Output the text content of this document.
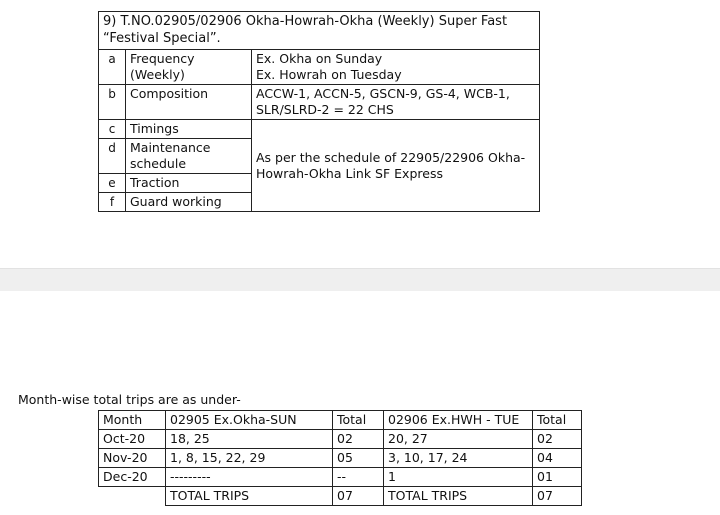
9) T.NO.02905/02906 Okha-Howrah-Okha (Weekly) Super Fast “Festival Special”.		
a	Frequency (Weekly)	Ex. Okha on Sunday
Ex. Howrah on Tuesday

b	Composition	ACCW-1, ACCN-5, GSCN-9, GS-4, WCB-1, SLR/SLRD-2 = 22 CHS
c	Timings	As per the schedule of 22905/22906 Okha-Howrah-Okha Link SF Express
d	Maintenance schedule	
e	Traction	
f	Guard working	
Month-wise total trips are as under-
Month	02905 Ex.Okha-SUN	Total	02906 Ex.HWH - TUE	Total
Oct-20	18, 25	02	20, 27	02
Nov-20	1, 8, 15, 22, 29	05	3, 10, 17, 24	04
Dec-20	---------	--	1	01
	TOTAL TRIPS	07	TOTAL TRIPS	07
